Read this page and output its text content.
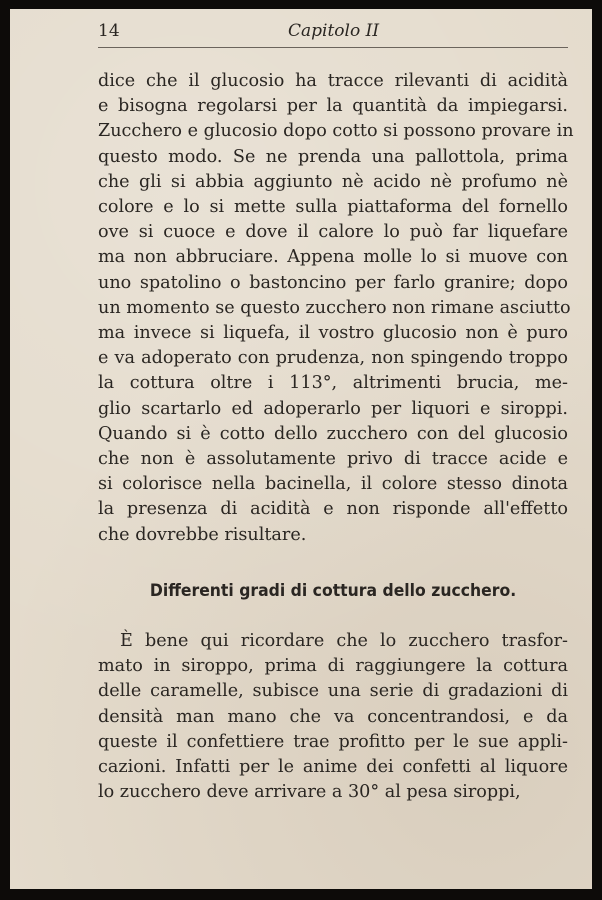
14	Capitolo II

dice che il glucosio ha tracce rilevanti di acidità
e bisogna regolarsi per la quantità da impiegarsi.
Zucchero e glucosio dopo cotto si possono provare in
questo modo. Se ne prenda una pallottola, prima
che gli si abbia aggiunto nè acido nè profumo nè
colore e lo si mette sulla piattaforma del fornello
ove si cuoce e dove il calore lo può far liquefare
ma non abbruciare. Appena molle lo si muove con
uno spatolino o bastoncino per farlo granire; dopo
un momento se questo zucchero non rimane asciutto
ma invece si liquefa, il vostro glucosio non è puro
e va adoperato con prudenza, non spingendo troppo
la cottura oltre i 113°, altrimenti brucia, me-
glio scartarlo ed adoperarlo per liquori e siroppi.
Quando si è cotto dello zucchero con del glucosio
che non è assolutamente privo di tracce acide e
si colorisce nella bacinella, il colore stesso dinota
la presenza di acidità e non risponde all'effetto
che dovrebbe risultare.

Differenti gradi di cottura dello zucchero.

È bene qui ricordare che lo zucchero trasfor-
mato in siroppo, prima di raggiungere la cottura
delle caramelle, subisce una serie di gradazioni di
densità man mano che va concentrandosi, e da
queste il confettiere trae profitto per le sue appli-
cazioni. Infatti per le anime dei confetti al liquore
lo zucchero deve arrivare a 30° al pesa siroppi,
